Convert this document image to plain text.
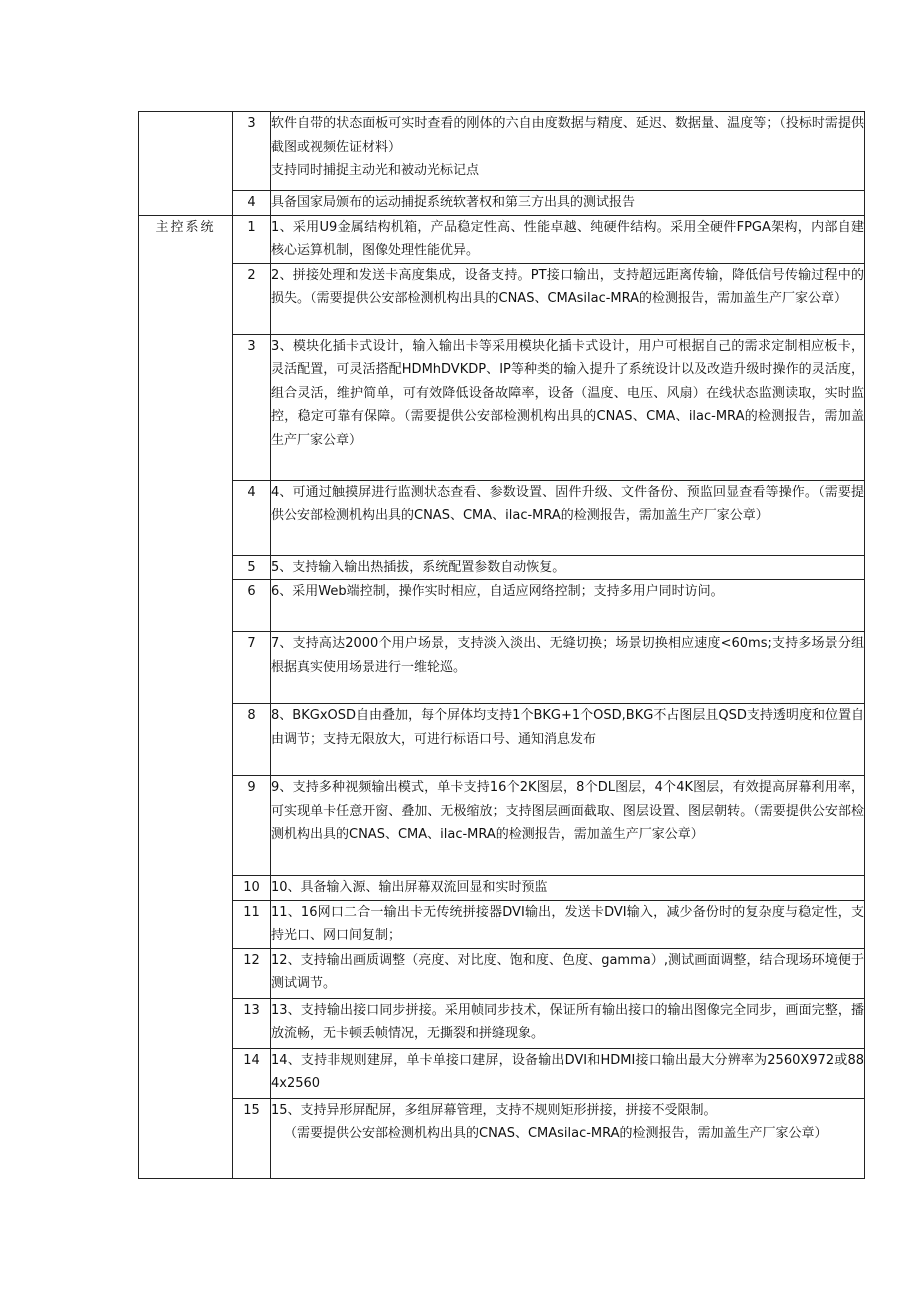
	3	软件自带的状态面板可实时查看的刚体的六自由度数据与精度、延迟、数据量、温度等；（投标时需提供截图或视频佐证材料）
支持同时捕捉主动光和被动光标记点

	4	具备国家局颁布的运动捕捉系统软著权和第三方出具的测试报告

主控系统	1	1、采用U9金属结构机箱，产品稳定性高、性能卓越、纯硬件结构。采用全硬件FPGA架构，内部自建核心运算机制，图像处理性能优异。

	2	2、拼接处理和发送卡高度集成，设备支持。PT接口输出，支持超远距离传输，降低信号传输过程中的损失。（需要提供公安部检测机构出具的CNAS、CMAsilac-MRA的检测报告，需加盖生产厂家公章）

	3	3、模块化插卡式设计，输入输出卡等采用模块化插卡式设计，用户可根据自己的需求定制相应板卡，灵活配置，可灵活搭配HDMhDVKDP、IP等种类的输入提升了系统设计以及改造升级时操作的灵活度，组合灵活，维护简单，可有效降低设备故障率，设备（温度、电压、风扇）在线状态监测读取，实时监控，稳定可靠有保障。（需要提供公安部检测机构出具的CNAS、CMA、ilac-MRA的检测报告，需加盖生产厂家公章）

	4	4、可通过触摸屏进行监测状态查看、参数设置、固件升级、文件备份、预监回显查看等操作。（需要提供公安部检测机构出具的CNAS、CMA、ilac-MRA的检测报告，需加盖生产厂家公章）

	5	5、支持输入输出热插拔，系统配置参数自动恢复。

	6	6、采用Web端控制，操作实时相应，自适应网络控制；支持多用户同时访问。

	7	7、支持高达2000个用户场景，支持淡入淡出、无缝切换；场景切换相应速度<60ms;支持多场景分组根据真实使用场景进行一维轮巡。

	8	8、BKGxOSD自由叠加，每个屏体均支持1个BKG+1个OSD,BKG不占图层且QSD支持透明度和位置自由调节；支持无限放大，可进行标语口号、通知消息发布

	9	9、支持多种视频输出模式，单卡支持16个2K图层，8个DL图层，4个4K图层，有效提高屏幕利用率，可实现单卡任意开窗、叠加、无极缩放；支持图层画面截取、图层设置、图层朝转。（需要提供公安部检测机构出具的CNAS、CMA、ilac-MRA的检测报告，需加盖生产厂家公章）

	10	10、具备输入源、输出屏幕双流回显和实时预监

	11	11、16网口二合一输出卡无传统拼接器DVI输出，发送卡DVI输入，减少备份时的复杂度与稳定性，支持光口、网口间复制；

	12	12、支持输出画质调整（亮度、对比度、饱和度、色度、gamma）,测试画面调整，结合现场环境便于测试调节。

	13	13、支持输出接口同步拼接。采用帧同步技术，保证所有输出接口的输出图像完全同步，画面完整，播放流畅，无卡顿丢帧情况，无撕裂和拼缝现象。

	14	14、支持非规则建屏，单卡单接口建屏，设备输出DVI和HDMI接口输出最大分辨率为2560X972或884x2560

	15	15、支持异形屏配屏，多组屏幕管理，支持不规则矩形拼接，拼接不受限制。
（需要提供公安部检测机构出具的CNAS、CMAsilac-MRA的检测报告，需加盖生产厂家公章）
